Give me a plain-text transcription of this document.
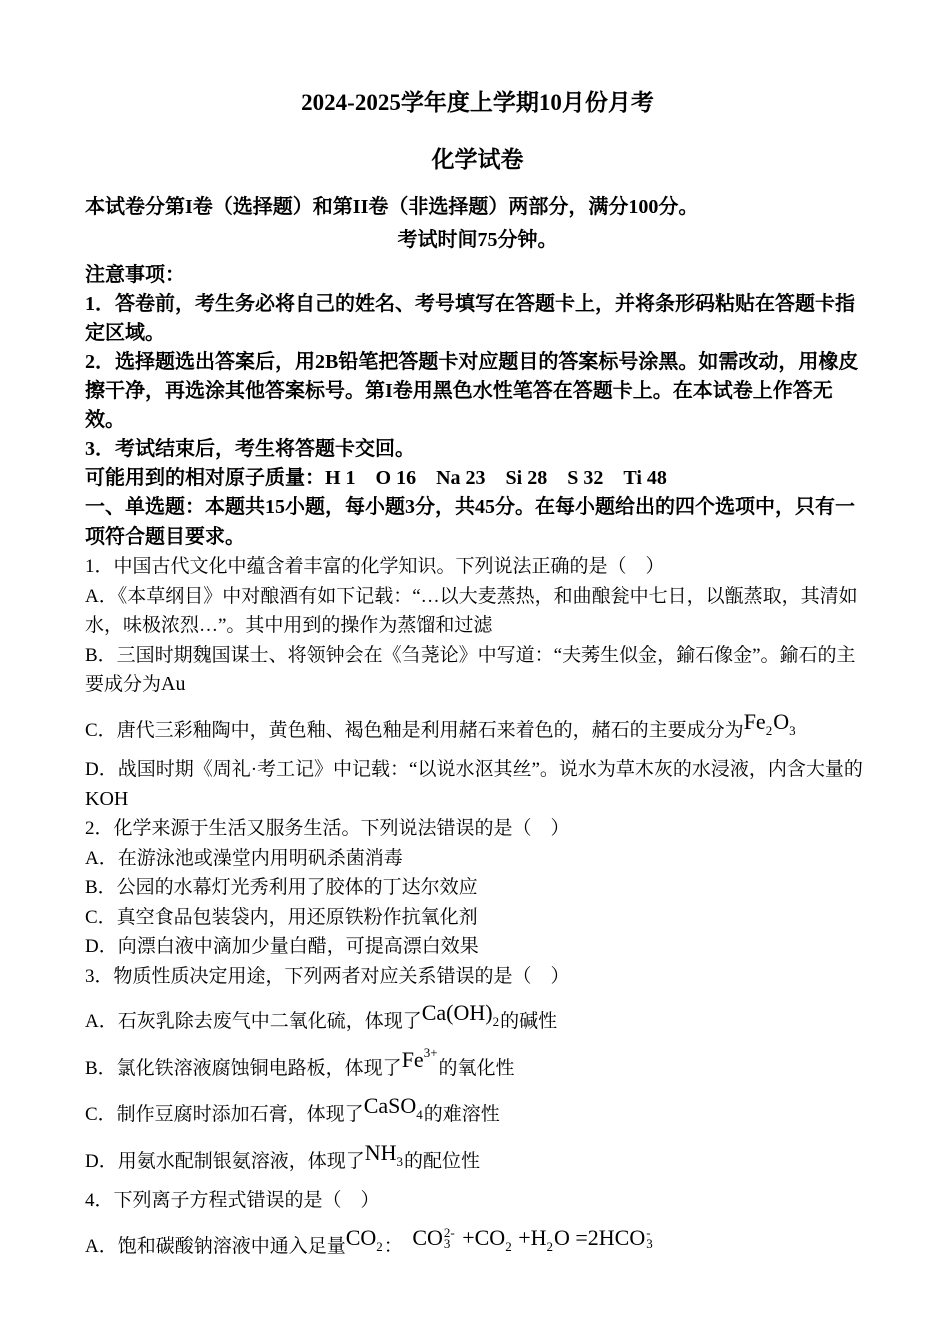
2024-2025学年度上学期10月份月考

化学试卷

本试卷分第I卷（选择题）和第II卷（非选择题）两部分，满分100分。

考试时间75分钟。

注意事项：

1．答卷前，考生务必将自己的姓名、考号填写在答题卡上，并将条形码粘贴在答题卡指定区域。

2．选择题选出答案后，用2B铅笔把答题卡对应题目的答案标号涂黑。如需改动，用橡皮擦干净，再选涂其他答案标号。第I卷用黑色水性笔答在答题卡上。在本试卷上作答无效。

3．考试结束后，考生将答题卡交回。

可能用到的相对原子质量：H 1　O 16　Na 23　Si 28　S 32　Ti 48

一、单选题：本题共15小题，每小题3分，共45分。在每小题给出的四个选项中，只有一项符合题目要求。

1．中国古代文化中蕴含着丰富的化学知识。下列说法正确的是（　）

A．《本草纲目》中对酿酒有如下记载：“…以大麦蒸热，和曲酿瓮中七日，以甑蒸取，其清如水，味极浓烈…”。其中用到的操作为蒸馏和过滤

B．三国时期魏国谋士、将领钟会在《刍荛论》中写道：“夫莠生似金，鍮石像金”。鍮石的主要成分为Au

C．唐代三彩釉陶中，黄色釉、褐色釉是利用赭石来着色的，赭石的主要成分为Fe2O3

D．战国时期《周礼·考工记》中记载：“以说水沤其丝”。说水为草木灰的水浸液，内含大量的KOH

2．化学来源于生活又服务生活。下列说法错误的是（　）

A．在游泳池或澡堂内用明矾杀菌消毒

B．公园的水幕灯光秀利用了胶体的丁达尔效应

C．真空食品包装袋内，用还原铁粉作抗氧化剂

D．向漂白液中滴加少量白醋，可提高漂白效果

3．物质性质决定用途，下列两者对应关系错误的是（　）

A．石灰乳除去废气中二氧化硫，体现了Ca(OH)2的碱性

B．氯化铁溶液腐蚀铜电路板，体现了$Fe^{3+}$的氧化性

C．制作豆腐时添加石膏，体现了CaSO4的难溶性

D．用氨水配制银氨溶液，体现了NH3的配位性

4．下列离子方程式错误的是（　）

A．饱和碳酸钠溶液中通入足量CO2：　CO 2-
3 +CO2 +H2O =2HCO -
3
